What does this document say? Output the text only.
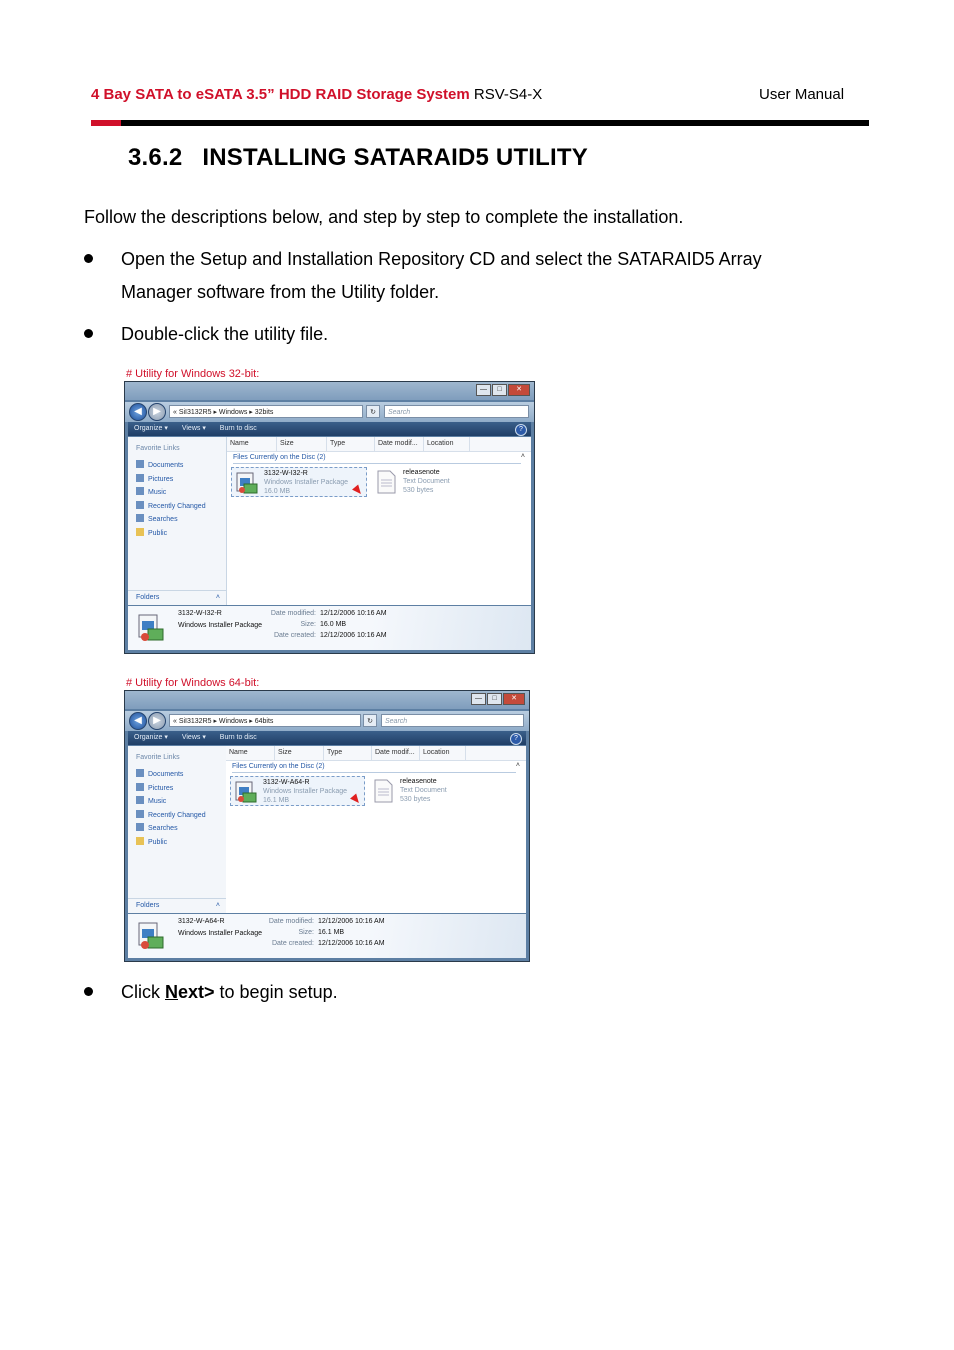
4 Bay SATA to eSATA 3.5” HDD RAID Storage System RSV-S4-X	User Manual
3.6.2 INSTALLING SATARAID5 UTILITY
Follow the descriptions below, and step by step to complete the installation.
Open the Setup and Installation Repository CD and select the SATARAID5 Array
Manager software from the Utility folder.
Double-click the utility file.
# Utility for Windows 32-bit:
—	□	✕
◀	▶	« SiI3132R5 ▸ Windows ▸ 32bits	↻	Search
Organize ▾ Views ▾ Burn to disc	?
Favorite Links
Documents
Pictures
Music
Recently Changed
Searches
Public
Folders	˄
Name	Size	Type	Date modif...	Location
Files Currently on the Disc (2)	˄
3132-W-I32-R
Windows Installer Package
16.0 MB
releasenote
Text Document
530 bytes
3132-W-I32-R
Windows Installer Package
Date modified: 12/12/2006 10:16 AM
Size: 16.0 MB
Date created: 12/12/2006 10:16 AM
# Utility for Windows 64-bit:
—	□	✕
◀	▶	« SiI3132R5 ▸ Windows ▸ 64bits	↻	Search
Organize ▾ Views ▾ Burn to disc	?
Favorite Links
Documents
Pictures
Music
Recently Changed
Searches
Public
Folders	˄
Name	Size	Type	Date modif...	Location
Files Currently on the Disc (2)	˄
3132-W-A64-R
Windows Installer Package
16.1 MB
releasenote
Text Document
530 bytes
3132-W-A64-R
Windows Installer Package
Date modified: 12/12/2006 10:16 AM
Size: 16.1 MB
Date created: 12/12/2006 10:16 AM
Click Next> to begin setup.
